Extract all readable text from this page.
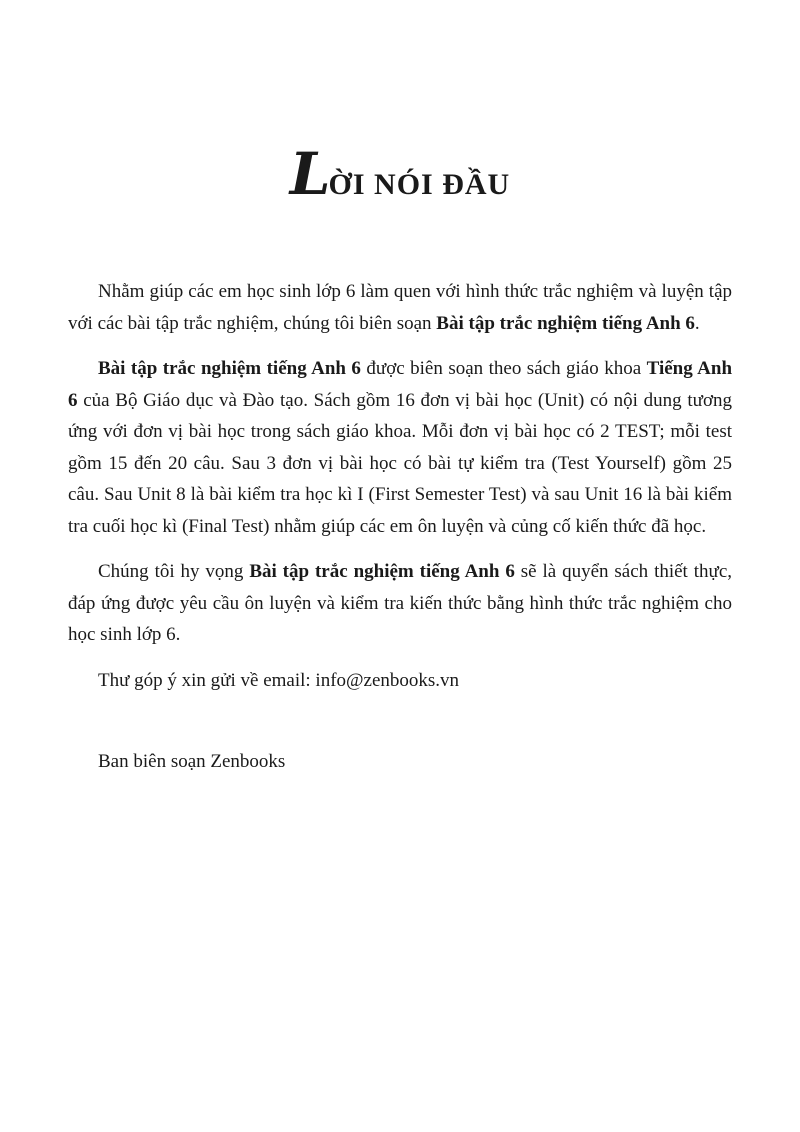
LỜI NÓI ĐẦU

Nhằm giúp các em học sinh lớp 6 làm quen với hình thức trắc nghiệm và luyện tập với các bài tập trắc nghiệm, chúng tôi biên soạn Bài tập trắc nghiệm tiếng Anh 6.

Bài tập trắc nghiệm tiếng Anh 6 được biên soạn theo sách giáo khoa Tiếng Anh 6 của Bộ Giáo dục và Đào tạo. Sách gồm 16 đơn vị bài học (Unit) có nội dung tương ứng với đơn vị bài học trong sách giáo khoa. Mỗi đơn vị bài học có 2 TEST; mỗi test gồm 15 đến 20 câu. Sau 3 đơn vị bài học có bài tự kiểm tra (Test Yourself) gồm 25 câu. Sau Unit 8 là bài kiểm tra học kì I (First Semester Test) và sau Unit 16 là bài kiểm tra cuối học kì (Final Test) nhằm giúp các em ôn luyện và củng cố kiến thức đã học.

Chúng tôi hy vọng Bài tập trắc nghiệm tiếng Anh 6 sẽ là quyển sách thiết thực, đáp ứng được yêu cầu ôn luyện và kiểm tra kiến thức bằng hình thức trắc nghiệm cho học sinh lớp 6.

Thư góp ý xin gửi về email: info@zenbooks.vn

Ban biên soạn Zenbooks
